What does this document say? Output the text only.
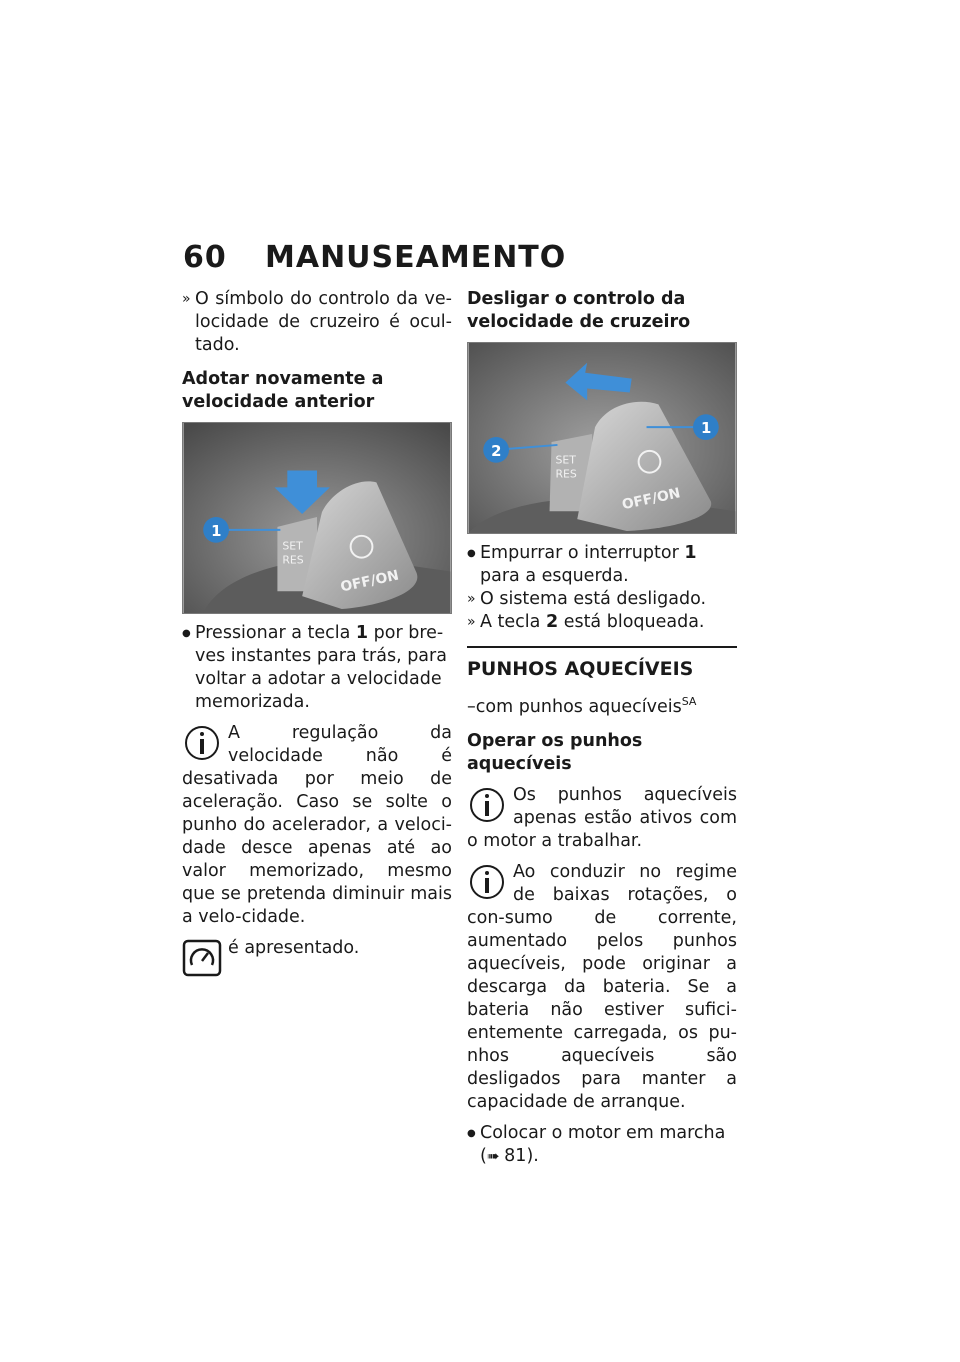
60 MANUSEAMENTO

» O símbolo do controlo da ve-locidade de cruzeiro é ocul-tado.

Adotar novamente a velocidade anterior
SET
RES
OFF/ON
1

● Pressionar a tecla 1 por bre-ves instantes para trás, para voltar a adotar a velocidade memorizada.

A regulação da velocidade não é desativada por meio de aceleração. Caso se solte o punho do acelerador, a veloci-dade desce apenas até ao valor memorizado, mesmo que se pretenda diminuir mais a velo-cidade.
é apresentado.
Desligar o controlo da velocidade de cruzeiro
SET
RES
OFF/ON
1
2

● Empurrar o interruptor 1 para a esquerda.

» O sistema está desligado.

» A tecla 2 está bloqueada.

PUNHOS AQUECÍVEIS

–com punhos aquecíveis$^{SA}$

Operar os punhos aquecíveis
Os punhos aquecíveis apenas estão ativos com o motor a trabalhar.
Ao conduzir no regime de baixas rotações, o con-sumo de corrente, aumentado pelos punhos aquecíveis, pode originar a descarga da bateria. Se a bateria não estiver sufici-entemente carregada, os pu-nhos aquecíveis são desligados para manter a capacidade de arranque.

● Colocar o motor em marcha
(➠ 81).
